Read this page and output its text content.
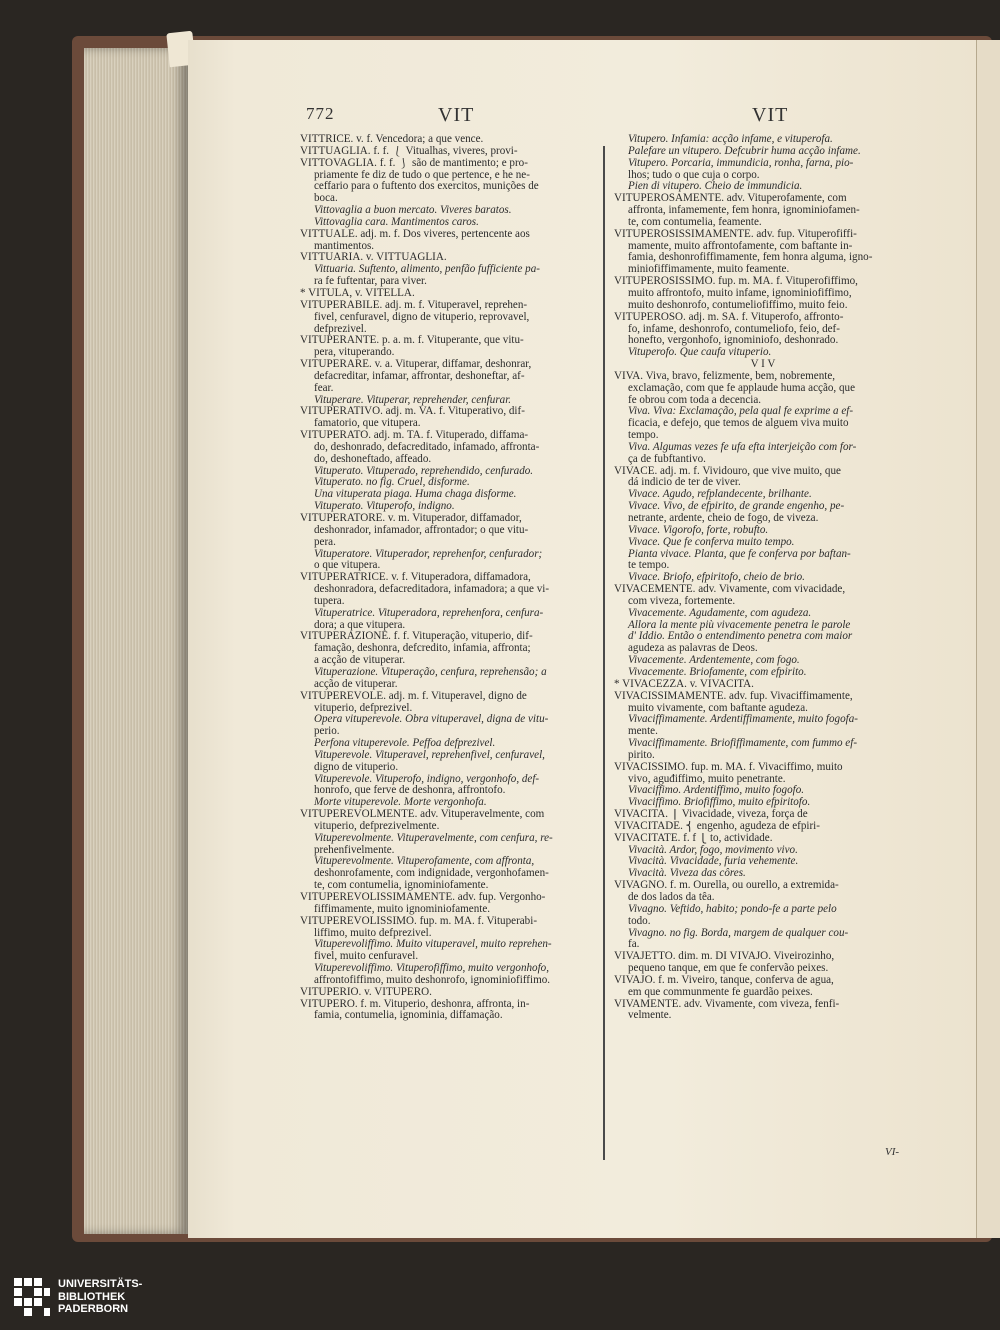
772	VIT	VIT
VITTRICE. v. f. Vencedora; a que vence.
VITTUAGLIA. f. f. ⎱ Vitualhas, viveres, provi-
VITTOVAGLIA. f. f. ⎰ são de mantimento; e pro-
priamente fe diz de tudo o que pertence, e he ne-
ceffario para o fuftento dos exercitos, munições de
boca.
Vittovaglia a buon mercato. Viveres baratos.
Vittovaglia cara. Mantimentos caros.
VITTUALE. adj. m. f. Dos viveres, pertencente aos
mantimentos.
VITTUARIA. v. VITTUAGLIA.
Vittuaria. Suftento, alimento, penfão fufficiente pa-
ra fe fuftentar, para viver.
* VITULA, v. VITELLA.
VITUPERABILE. adj. m. f. Vituperavel, reprehen-
fivel, cenfuravel, digno de vituperio, reprovavel,
defprezivel.
VITUPERANTE. p. a. m. f. Vituperante, que vitu-
pera, vituperando.
VITUPERARE. v. a. Vituperar, diffamar, deshonrar,
defacreditar, infamar, affrontar, deshoneftar, af-
fear.
Vituperare. Vituperar, reprehender, cenfurar.
VITUPERATIVO. adj. m. VA. f. Vituperativo, dif-
famatorio, que vitupera.
VITUPERATO. adj. m. TA. f. Vituperado, diffama-
do, deshonrado, defacreditado, infamado, affronta-
do, deshoneftado, affeado.
Vituperato. Vituperado, reprehendido, cenfurado.
Vituperato. no fig. Cruel, disforme.
Una vituperata piaga. Huma chaga disforme.
Vituperato. Vituperofo, indigno.
VITUPERATORE. v. m. Vituperador, diffamador,
deshonrador, infamador, affrontador; o que vitu-
pera.
Vituperatore. Vituperador, reprehenfor, cenfurador;
o que vitupera.
VITUPERATRICE. v. f. Vituperadora, diffamadora,
deshonradora, defacreditadora, infamadora; a que vi-
tupera.
Vituperatrice. Vituperadora, reprehenfora, cenfura-
dora; a que vitupera.
VITUPERAZIONE. f. f. Vituperação, vituperio, dif-
famação, deshonra, defcredito, infamia, affronta;
a acção de vituperar.
Vituperazione. Vituperação, cenfura, reprehensão; a
acção de vituperar.
VITUPEREVOLE. adj. m. f. Vituperavel, digno de
vituperio, defprezivel.
Opera vituperevole. Obra vituperavel, digna de vitu-
perio.
Perfona vituperevole. Peffoa defprezivel.
Vituperevole. Vituperavel, reprehenfivel, cenfuravel,
digno de vituperio.
Vituperevole. Vituperofo, indigno, vergonhofo, def-
honrofo, que ferve de deshonra, affrontofo.
Morte vituperevole. Morte vergonhofa.
VITUPEREVOLMENTE. adv. Vituperavelmente, com
vituperio, defprezivelmente.
Vituperevolmente. Vituperavelmente, com cenfura, re-
prehenfivelmente.
Vituperevolmente. Vituperofamente, com affronta,
deshonrofamente, com indignidade, vergonhofamen-
te, com contumelia, ignominiofamente.
VITUPEREVOLISSIMAMENTE. adv. fup. Vergonho-
fiffimamente, muito ignominiofamente.
VITUPEREVOLISSIMO. fup. m. MA. f. Vituperabi-
liffimo, muito defprezivel.
Vituperevoliffimo. Muito vituperavel, muito reprehen-
fivel, muito cenfuravel.
Vituperevoliffimo. Vituperofiffimo, muito vergonhofo,
affrontofiffimo, muito deshonrofo, ignominiofiffimo.
VITUPERIO. v. VITUPERO.
VITUPERO. f. m. Vituperio, deshonra, affronta, in-
famia, contumelia, ignominia, diffamação.
Vitupero. Infamia: acção infame, e vituperofa.
Palefare un vitupero. Defcubrir huma acção infame.
Vitupero. Porcaria, immundicia, ronha, farna, pio-
lhos; tudo o que cuja o corpo.
Pien di vitupero. Cheio de immundicia.
VITUPEROSAMENTE. adv. Vituperofamente, com
affronta, infamemente, fem honra, ignominiofamen-
te, com contumelia, feamente.
VITUPEROSISSIMAMENTE. adv. fup. Vituperofiffi-
mamente, muito affrontofamente, com baftante in-
famia, deshonrofiffimamente, fem honra alguma, igno-
miniofiffimamente, muito feamente.
VITUPEROSISSIMO. fup. m. MA. f. Vituperofiffimo,
muito affrontofo, muito infame, ignominiofiffimo,
muito deshonrofo, contumeliofiffimo, muito feio.
VITUPEROSO. adj. m. SA. f. Vituperofo, affronto-
fo, infame, deshonrofo, contumeliofo, feio, def-
honefto, vergonhofo, ignominiofo, deshonrado.
Vituperofo. Que caufa vituperio.
V I V
VIVA. Viva, bravo, felizmente, bem, nobremente,
exclamação, com que fe applaude huma acção, que
fe obrou com toda a decencia.
Viva. Viva: Exclamação, pela qual fe exprime a ef-
ficacia, e defejo, que temos de alguem viva muito
tempo.
Viva. Algumas vezes fe ufa efta interjeição com for-
ça de fubftantivo.
VIVACE. adj. m. f. Vividouro, que vive muito, que
dá indicio de ter de viver.
Vivace. Agudo, refplandecente, brilhante.
Vivace. Vivo, de efpirito, de grande engenho, pe-
netrante, ardente, cheio de fogo, de viveza.
Vivace. Vigorofo, forte, robufto.
Vivace. Que fe conferva muito tempo.
Pianta vivace. Planta, que fe conferva por baftan-
te tempo.
Vivace. Briofo, efpiritofo, cheio de brio.
VIVACEMENTE. adv. Vivamente, com vivacidade,
com viveza, fortemente.
Vivacemente. Agudamente, com agudeza.
Allora la mente più vivacemente penetra le parole
d' Iddio. Então o entendimento penetra com maior
agudeza as palavras de Deos.
Vivacemente. Ardentemente, com fogo.
Vivacemente. Briofamente, com efpirito.
* VIVACEZZA. v. VIVACITA.
VIVACISSIMAMENTE. adv. fup. Vivaciffimamente,
muito vivamente, com baftante agudeza.
Vivaciffimamente. Ardentiffimamente, muito fogofa-
mente.
Vivaciffimamente. Briofiffimamente, com fummo ef-
pirito.
VIVACISSIMO. fup. m. MA. f. Vivaciffimo, muito
vivo, aguđiffimo, muito penetrante.
Vivaciffimo. Ardentiffimo, muito fogofo.
Vivaciffimo. Briofiffimo, muito efpiritofo.
VIVACITA. ⎧ Vivacidade, viveza, força de
VIVACITADE. ⎨ engenho, agudeza de efpiri-
VIVACITATE. f. f ⎩ to, actividade.
Vivacità. Ardor, fogo, movimento vivo.
Vivacità. Vivacidade, furia vehemente.
Vivacità. Viveza das côres.
VIVAGNO. f. m. Ourella, ou ourello, a extremida-
de dos lados da têa.
Vivagno. Veftido, habito; pondo-fe a parte pelo
todo.
Vivagno. no fig. Borda, margem de qualquer cou-
fa.
VIVAJETTO. dim. m. DI VIVAJO. Viveirozinho,
pequeno tanque, em que fe confervão peixes.
VIVAJO. f. m. Viveiro, tanque, conferva de agua,
em que communmente fe guardão peixes.
VIVAMENTE. adv. Vivamente, com viveza, fenfi-
velmente.
VI-
UNIVERSITÄTS-
BIBLIOTHEK
PADERBORN
